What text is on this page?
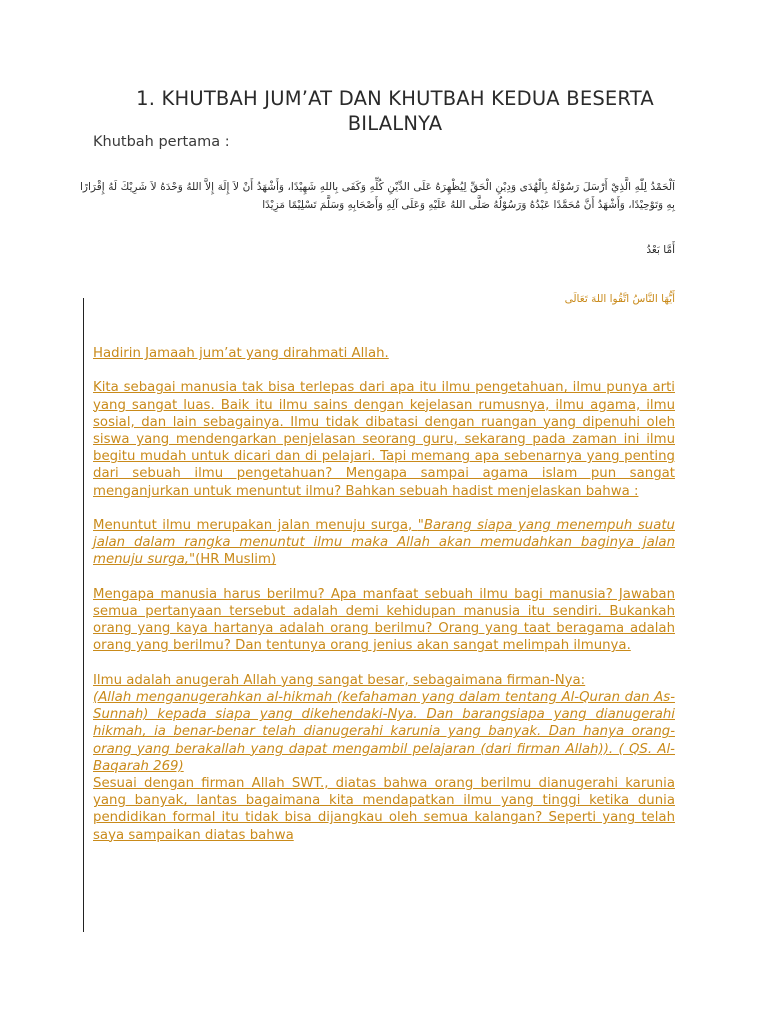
1. KHUTBAH JUM’AT DAN KHUTBAH KEDUA BESERTA BILALNYA
Khutbah pertama :

اَلْحَمْدُ لِلّٰهِ الَّذِيْ أَرْسَلَ رَسُوْلَهُ بِالْهُدَى وَدِيْنِ الْحَقِّ لِيُظْهِرَهُ عَلَى الدِّيْنِ كُلِّهِ وَكَفَى بِاللهِ شَهِيْدًا، وَأَشْهَدُ أَنْ لاَ إِلَهَ إِلاَّ اللهُ وَحْدَهُ لاَ شَرِيْكَ لَهُ إِقْرَارًا بِهِ وَتَوْحِيْدًا، وَأَشْهَدُ أَنَّ مُحَمَّدًا عَبْدُهُ وَرَسُوْلُهُ صَلَّى اللهُ عَلَيْهِ وَعَلَى آلِهِ وَأَصْحَابِهِ وَسَلَّمَ تَسْلِيْمًا مَزِيْدًا

أَمَّا بَعْدُ

أَيُّهَا النَّاسُ اتَّقُوا اللهَ تَعَالَى

Hadirin Jamaah jum’at yang dirahmati Allah.

Kita sebagai manusia tak bisa terlepas dari apa itu ilmu pengetahuan, ilmu punya arti yang sangat luas. Baik itu ilmu sains dengan kejelasan rumusnya, ilmu agama, ilmu sosial, dan lain sebagainya. Ilmu tidak dibatasi dengan ruangan yang dipenuhi oleh siswa yang mendengarkan penjelasan seorang guru, sekarang pada zaman ini ilmu begitu mudah untuk dicari dan di pelajari. Tapi memang apa sebenarnya yang penting dari sebuah ilmu pengetahuan? Mengapa sampai agama islam pun sangat menganjurkan untuk menuntut ilmu? Bahkan sebuah hadist menjelaskan bahwa :

Menuntut ilmu merupakan jalan menuju surga, "Barang siapa yang menempuh suatu jalan dalam rangka menuntut ilmu maka Allah akan memudahkan baginya jalan menuju surga,"(HR Muslim)

Mengapa manusia harus berilmu? Apa manfaat sebuah ilmu bagi manusia? Jawaban semua pertanyaan tersebut adalah demi kehidupan manusia itu sendiri. Bukankah orang yang kaya hartanya adalah orang berilmu? Orang yang taat beragama adalah orang yang berilmu? Dan tentunya orang jenius akan sangat melimpah ilmunya.

Ilmu adalah anugerah Allah yang sangat besar, sebagaimana firman-Nya:

(Allah menganugerahkan al-hikmah (kefahaman yang dalam tentang Al-Quran dan As-Sunnah) kepada siapa yang dikehendaki-Nya. Dan barangsiapa yang dianugerahi hikmah, ia benar-benar telah dianugerahi karunia yang banyak. Dan hanya orang-orang yang berakallah yang dapat mengambil pelajaran (dari firman Allah)). ( QS. Al-Baqarah 269)

Sesuai dengan firman Allah SWT., diatas bahwa orang berilmu dianugerahi karunia yang banyak, lantas bagaimana kita mendapatkan ilmu yang tinggi ketika dunia pendidikan formal itu tidak bisa dijangkau oleh semua kalangan? Seperti yang telah saya sampaikan diatas bahwa
